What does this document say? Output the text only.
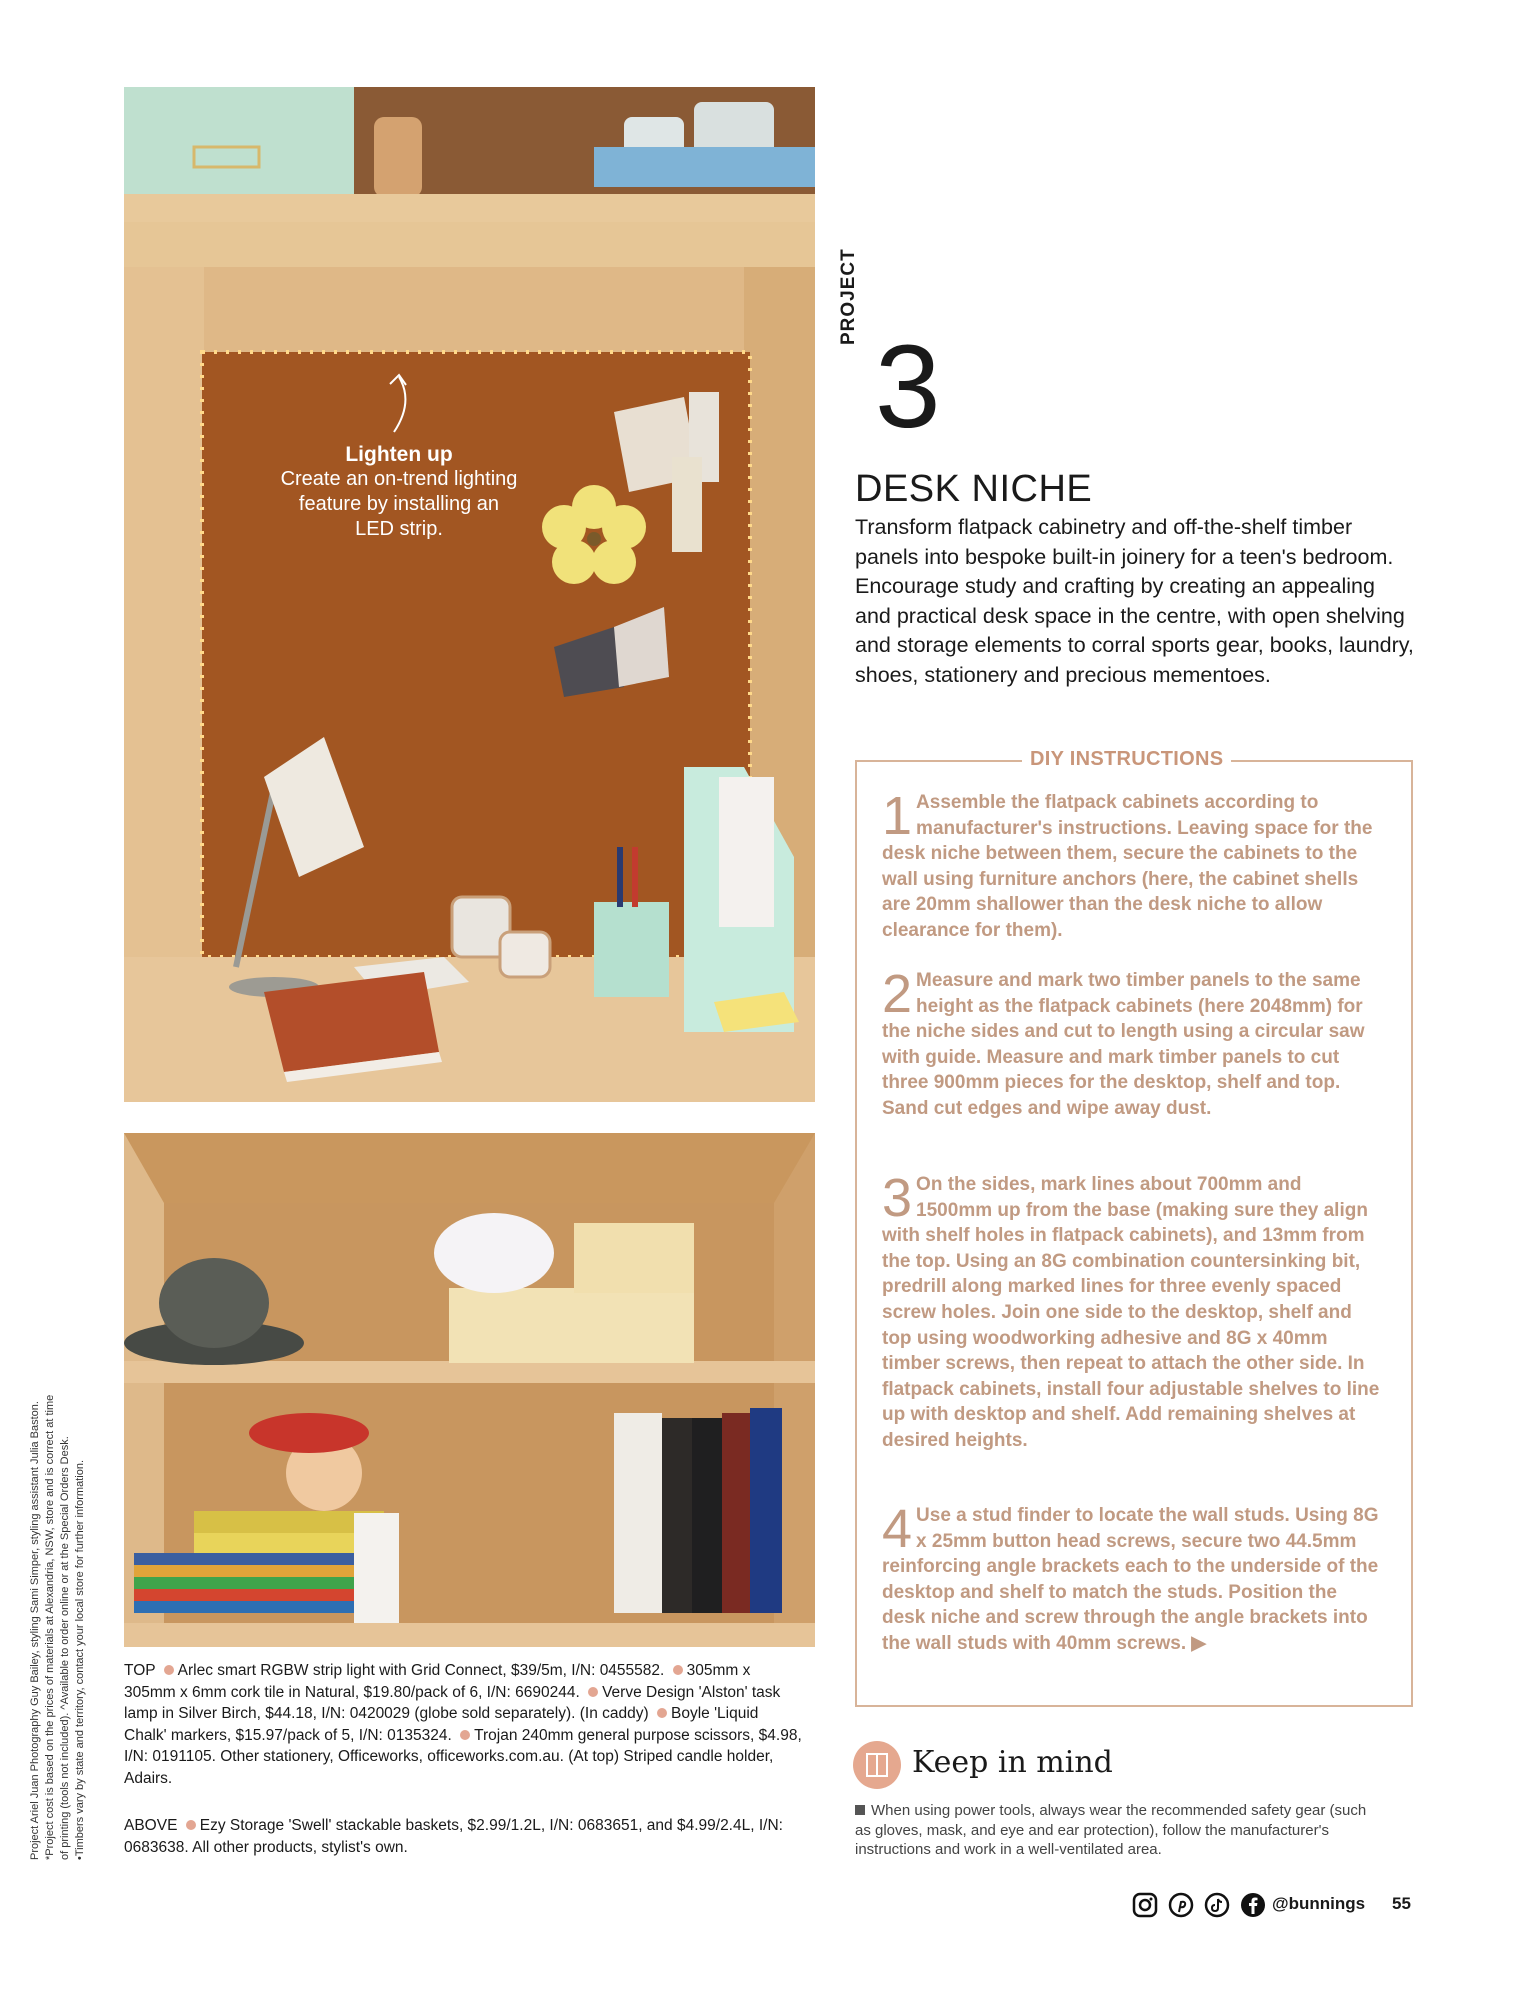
Lighten up
Create an on-trend lighting feature by installing an LED strip.
PROJECT
3
DESK NICHE
Transform flatpack cabinetry and off-the-shelf timber panels into bespoke built-in joinery for a teen's bedroom. Encourage study and crafting by creating an appealing and practical desk space in the centre, with open shelving and storage elements to corral sports gear, books, laundry, shoes, stationery and precious mementoes.
DIY INSTRUCTIONS
1 Assemble the flatpack cabinets according to manufacturer's instructions. Leaving space for the desk niche between them, secure the cabinets to the wall using furniture anchors (here, the cabinet shells are 20mm shallower than the desk niche to allow clearance for them).
2 Measure and mark two timber panels to the same height as the flatpack cabinets (here 2048mm) for the niche sides and cut to length using a circular saw with guide. Measure and mark timber panels to cut three 900mm pieces for the desktop, shelf and top. Sand cut edges and wipe away dust.
3 On the sides, mark lines about 700mm and 1500mm up from the base (making sure they align with shelf holes in flatpack cabinets), and 13mm from the top. Using an 8G combination countersinking bit, predrill along marked lines for three evenly spaced screw holes. Join one side to the desktop, shelf and top using woodworking adhesive and 8G x 40mm timber screws, then repeat to attach the other side. In flatpack cabinets, install four adjustable shelves to line up with desktop and shelf. Add remaining shelves at desired heights.
4 Use a stud finder to locate the wall studs. Using 8G x 25mm button head screws, secure two 44.5mm reinforcing angle brackets each to the underside of the desktop and shelf to match the studs. Position the desk niche and screw through the angle brackets into the wall studs with 40mm screws. ▶
Keep in mind
When using power tools, always wear the recommended safety gear (such as gloves, mask, and eye and ear protection), follow the manufacturer's instructions and work in a well-ventilated area.
@bunnings 55
TOP Arlec smart RGBW strip light with Grid Connect, $39/5m, I/N: 0455582. 305mm x 305mm x 6mm cork tile in Natural, $19.80/pack of 6, I/N: 6690244. Verve Design 'Alston' task lamp in Silver Birch, $44.18, I/N: 0420029 (globe sold separately). (In caddy) Boyle 'Liquid Chalk' markers, $15.97/pack of 5, I/N: 0135324. Trojan 240mm general purpose scissors, $4.98, I/N: 0191105. Other stationery, Officeworks, officeworks.com.au. (At top) Striped candle holder, Adairs.
ABOVE Ezy Storage 'Swell' stackable baskets, $2.99/1.2L, I/N: 0683651, and $4.99/2.4L, I/N: 0683638. All other products, stylist's own.
Project Ariel Juan Photography Guy Bailey, styling Sami Simper, styling assistant Julia Baston. *Project cost is based on the prices of materials at Alexandria, NSW, store and is correct at time of printing (tools not included). ^Available to order online or at the Special Orders Desk. •Timbers vary by state and territory, contact your local store for further information.
